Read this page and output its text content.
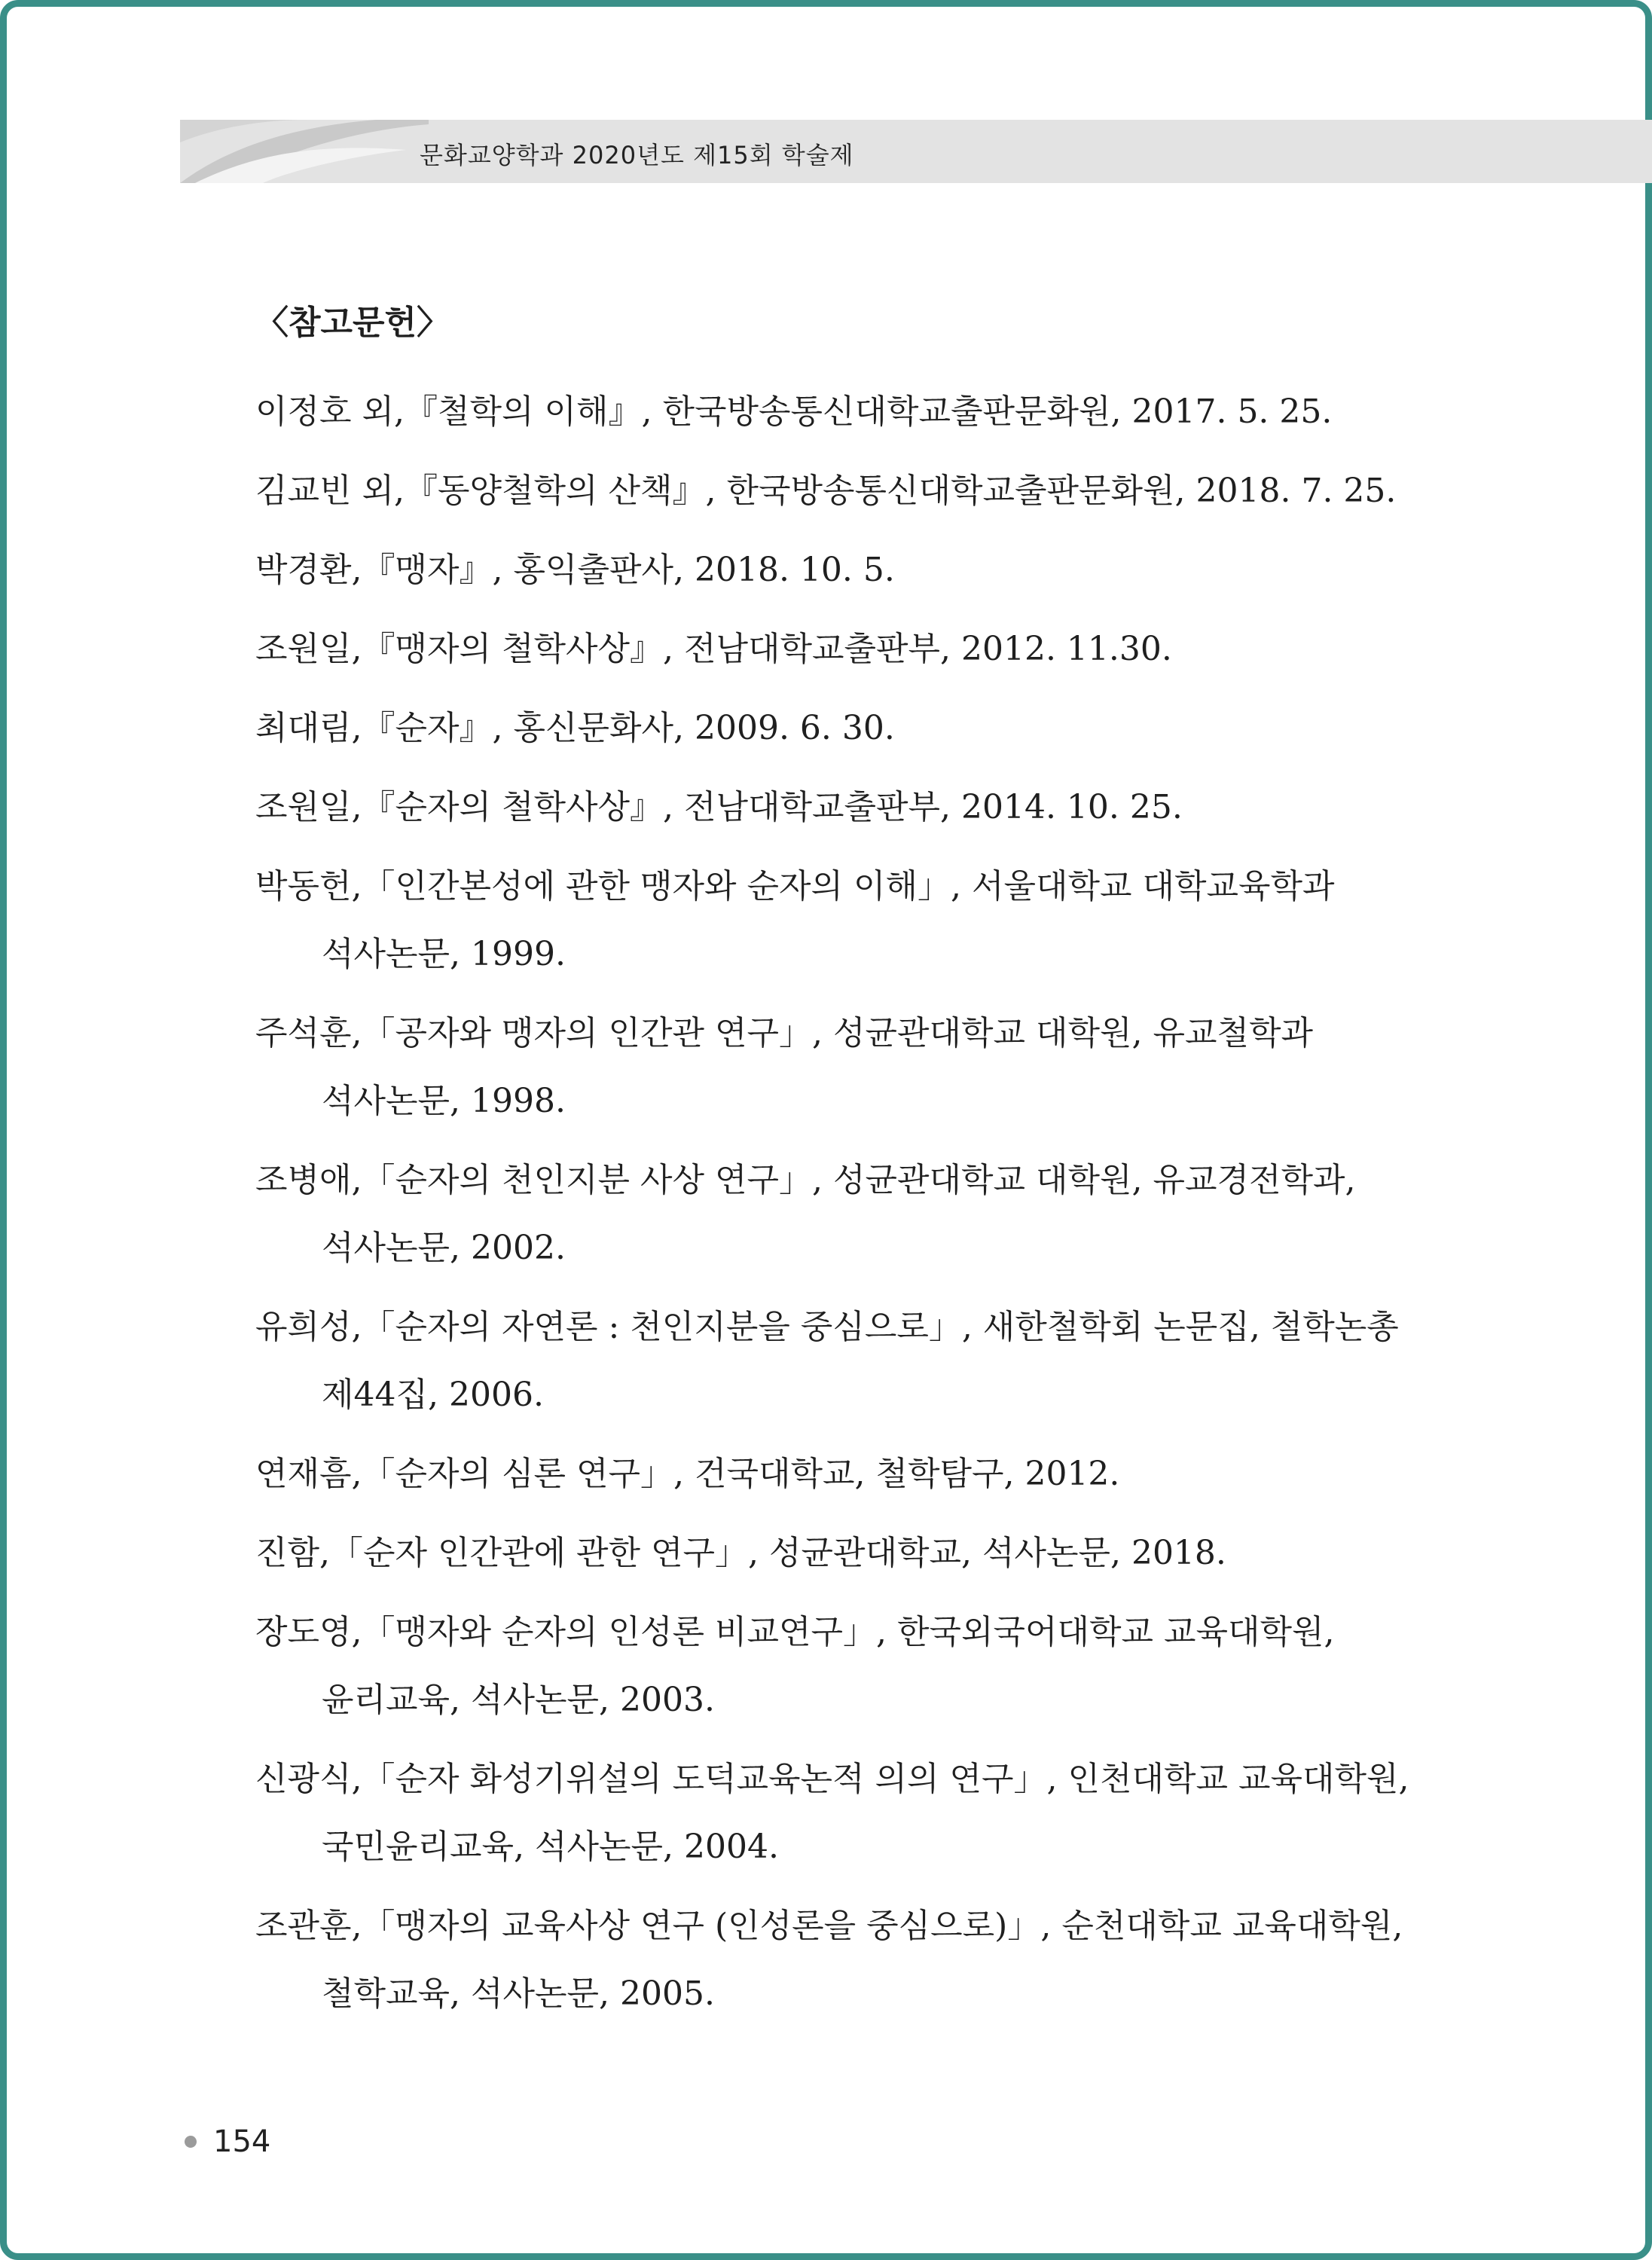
문화교양학과 2020년도 제15회 학술제
〈참고문헌〉
이정호 외,『철학의 이해』, 한국방송통신대학교출판문화원, 2017. 5. 25.
김교빈 외,『동양철학의 산책』, 한국방송통신대학교출판문화원, 2018. 7. 25.
박경환,『맹자』, 홍익출판사, 2018. 10. 5.
조원일,『맹자의 철학사상』, 전남대학교출판부, 2012. 11.30.
최대림,『순자』, 홍신문화사, 2009. 6. 30.
조원일,『순자의 철학사상』, 전남대학교출판부, 2014. 10. 25.
박동헌,「인간본성에 관한 맹자와 순자의 이해」, 서울대학교 대학교육학과 석사논문, 1999.
주석훈,「공자와 맹자의 인간관 연구」, 성균관대학교 대학원, 유교철학과 석사논문, 1998.
조병애,「순자의 천인지분 사상 연구」, 성균관대학교 대학원, 유교경전학과, 석사논문, 2002.
유희성,「순자의 자연론 : 천인지분을 중심으로」, 새한철학회 논문집, 철학논총 제44집, 2006.
연재흠,「순자의 심론 연구」, 건국대학교, 철학탐구, 2012.
진함,「순자 인간관에 관한 연구」, 성균관대학교, 석사논문, 2018.
장도영,「맹자와 순자의 인성론 비교연구」, 한국외국어대학교 교육대학원, 윤리교육, 석사논문, 2003.
신광식,「순자 화성기위설의 도덕교육논적 의의 연구」, 인천대학교 교육대학원, 국민윤리교육, 석사논문, 2004.
조관훈,「맹자의 교육사상 연구 (인성론을 중심으로)」, 순천대학교 교육대학원, 철학교육, 석사논문, 2005.
154
